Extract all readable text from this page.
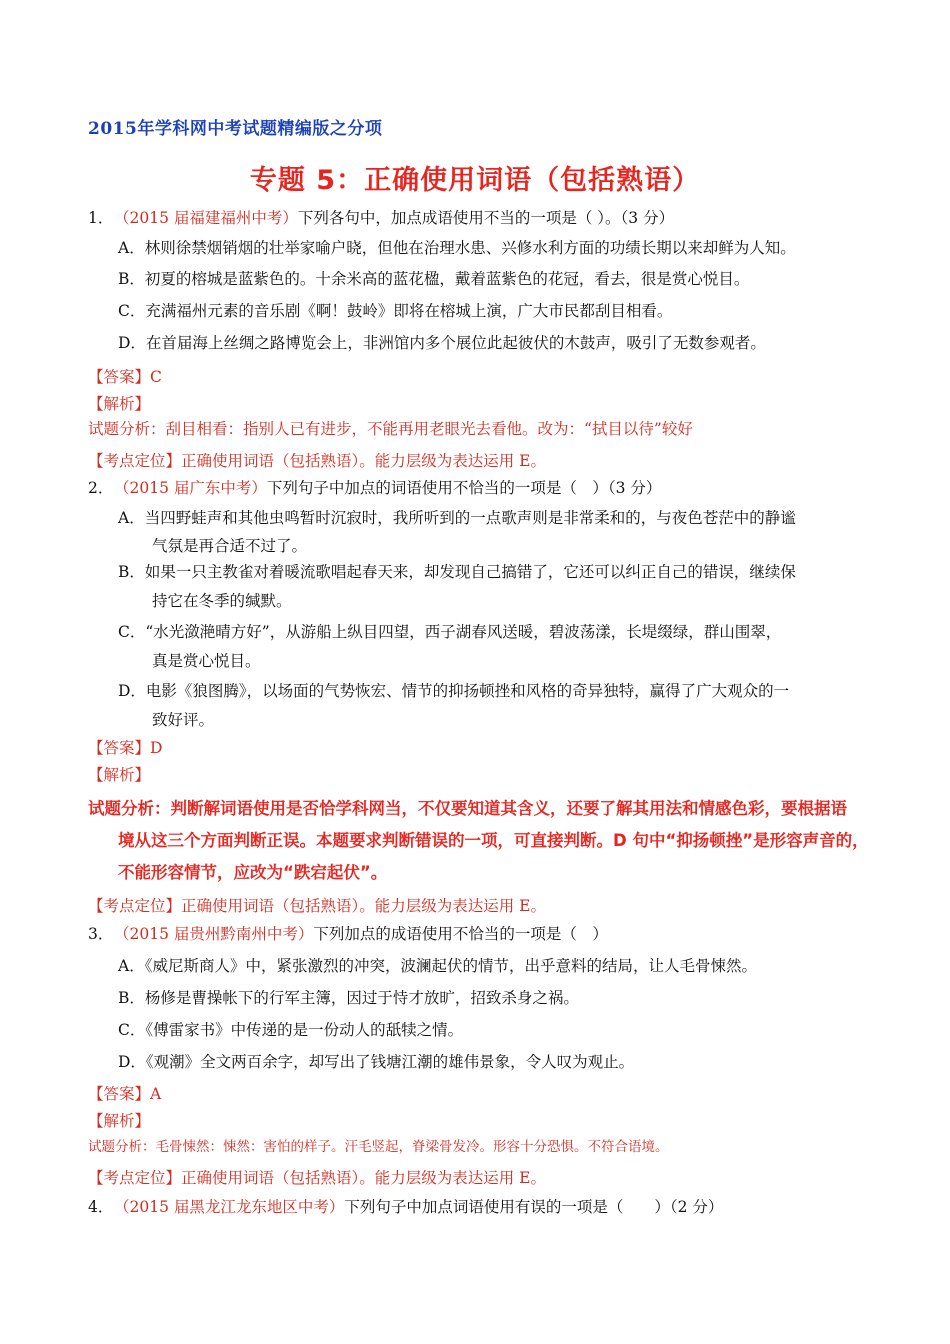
2015年学科网中考试题精编版之分项
专题 5：正确使用词语（包括熟语）
1．（2015 届福建福州中考）下列各句中，加点成语使用不当的一项是（ ）。（3 分）
A．林则徐禁烟销烟的壮举家喻户晓，但他在治理水患、兴修水利方面的功绩长期以来却鲜为人知。
B．初夏的榕城是蓝紫色的。十余米高的蓝花楹，戴着蓝紫色的花冠，看去，很是赏心悦目。
C．充满福州元素的音乐剧《啊！鼓岭》即将在榕城上演，广大市民都刮目相看。
D．在首届海上丝绸之路博览会上，非洲馆内多个展位此起彼伏的木鼓声，吸引了无数参观者。
【答案】C
【解析】
试题分析：刮目相看：指别人已有进步，不能再用老眼光去看他。改为：“拭目以待”较好
【考点定位】正确使用词语（包括熟语）。能力层级为表达运用 E。
2．（2015 届广东中考）下列句子中加点的词语使用不恰当的一项是（　）（3 分）
A．当四野蛙声和其他虫鸣暂时沉寂时，我所听到的一点歌声则是非常柔和的，与夜色苍茫中的静谧
气氛是再合适不过了。
B．如果一只主教雀对着暖流歌唱起春天来，却发现自己搞错了，它还可以纠正自己的错误，继续保
持它在冬季的缄默。
C．“水光潋滟晴方好”，从游船上纵目四望，西子湖春风送暖，碧波荡漾，长堤缀绿，群山围翠，
真是赏心悦目。
D．电影《狼图腾》，以场面的气势恢宏、情节的抑扬顿挫和风格的奇异独特，赢得了广大观众的一
致好评。
【答案】D
【解析】
试题分析：判断解词语使用是否恰学科网当，不仅要知道其含义，还要了解其用法和情感色彩，要根据语
境从这三个方面判断正误。本题要求判断错误的一项，可直接判断。D 句中“抑扬顿挫”是形容声音的，
不能形容情节，应改为“跌宕起伏”。
【考点定位】正确使用词语（包括熟语）。能力层级为表达运用 E。
3．（2015 届贵州黔南州中考）下列加点的成语使用不恰当的一项是（　）
A．《威尼斯商人》中，紧张激烈的冲突，波澜起伏的情节，出乎意料的结局，让人毛骨悚然。
B．杨修是曹操帐下的行军主簿，因过于恃才放旷，招致杀身之祸。
C．《傅雷家书》中传递的是一份动人的舐犊之情。
D．《观潮》全文两百余字，却写出了钱塘江潮的雄伟景象，令人叹为观止。
【答案】A
【解析】
试题分析：毛骨悚然：悚然：害怕的样子。汗毛竖起，脊梁骨发冷。形容十分恐惧。不符合语境。
【考点定位】正确使用词语（包括熟语）。能力层级为表达运用 E。
4．（2015 届黑龙江龙东地区中考）下列句子中加点词语使用有误的一项是（　　）（2 分）
